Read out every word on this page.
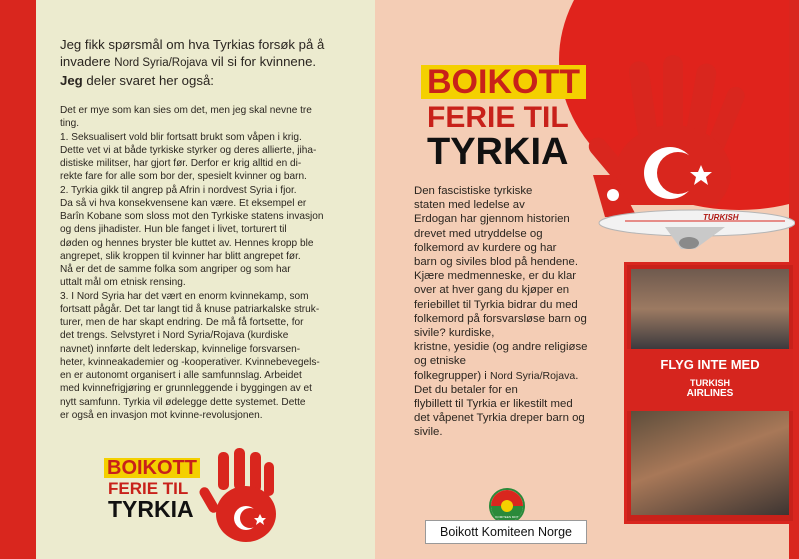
Jeg fikk spørsmål om hva Tyrkias forsøk på å
invadere Nord Syria/Rojava vil si for kvinnene.
Jeg deler svaret her også:

Det er mye som kan sies om det, men jeg skal nevne tre

ting.

1. Seksualisert vold blir fortsatt brukt som våpen i krig.

Dette vet vi at både tyrkiske styrker og deres allierte, jiha-

distiske militser, har gjort før. Derfor er krig alltid en di-

rekte fare for alle som bor der, spesielt kvinner og barn.

2. Tyrkia gikk til angrep på Afrin i nordvest Syria i fjor.

Da så vi hva konsekvensene kan være. Et eksempel er

Barîn Kobane som sloss mot den Tyrkiske statens invasjon

og dens jihadister. Hun ble fanget i livet, torturert til

døden og hennes bryster ble kuttet av. Hennes kropp ble

angrepet, slik kroppen til kvinner har blitt angrepet før.

Nå er det de samme folka som angriper og som har

uttalt mål om etnisk rensing.

3. I Nord Syria har det vært en enorm kvinnekamp, som

fortsatt pågår. Det tar langt tid å knuse patriarkalske struk-

turer, men de har skapt endring. De må få fortsette, for

det trengs. Selvstyret i Nord Syria/Rojava (kurdiske

navnet) innførte delt lederskap, kvinnelige forsvarsen-

heter, kvinneakademier og -kooperativer. Kvinnebevegels-

en er autonomt organisert i alle samfunnslag. Arbeidet

med kvinnefrigjøring er grunnleggende i byggingen av et

nytt samfunn. Tyrkia vil ødelegge dette systemet. Dette

er også en invasjon mot kvinne-revolusjonen.

BOIKOTT
FERIE TIL
TYRKIA
BOIKOTT
FERIE TIL
TYRKIA
TURKISH
Den fascistiske tyrkiske
staten med ledelse av
Erdogan har gjennom historien
drevet med utryddelse og
folkemord av kurdere og har
barn og siviles blod på hendene.
Kjære medmenneske, er du klar
over at hver gang du kjøper en
feriebillet til Tyrkia bidrar du med
folkemord på forsvarsløse barn og
sivile? kurdiske,
kristne, yesidie (og andre religiøse
og etniske
folkegrupper) i Nord Syria/Rojava.
Det du betaler for en
flybillett til Tyrkia er likestilt med
det våpenet Tyrkia dreper barn og
sivile.
FLYG INTE MED
TURKISH
AIRLINES
KOMITEEN MOT
Boikott Komiteen Norge
